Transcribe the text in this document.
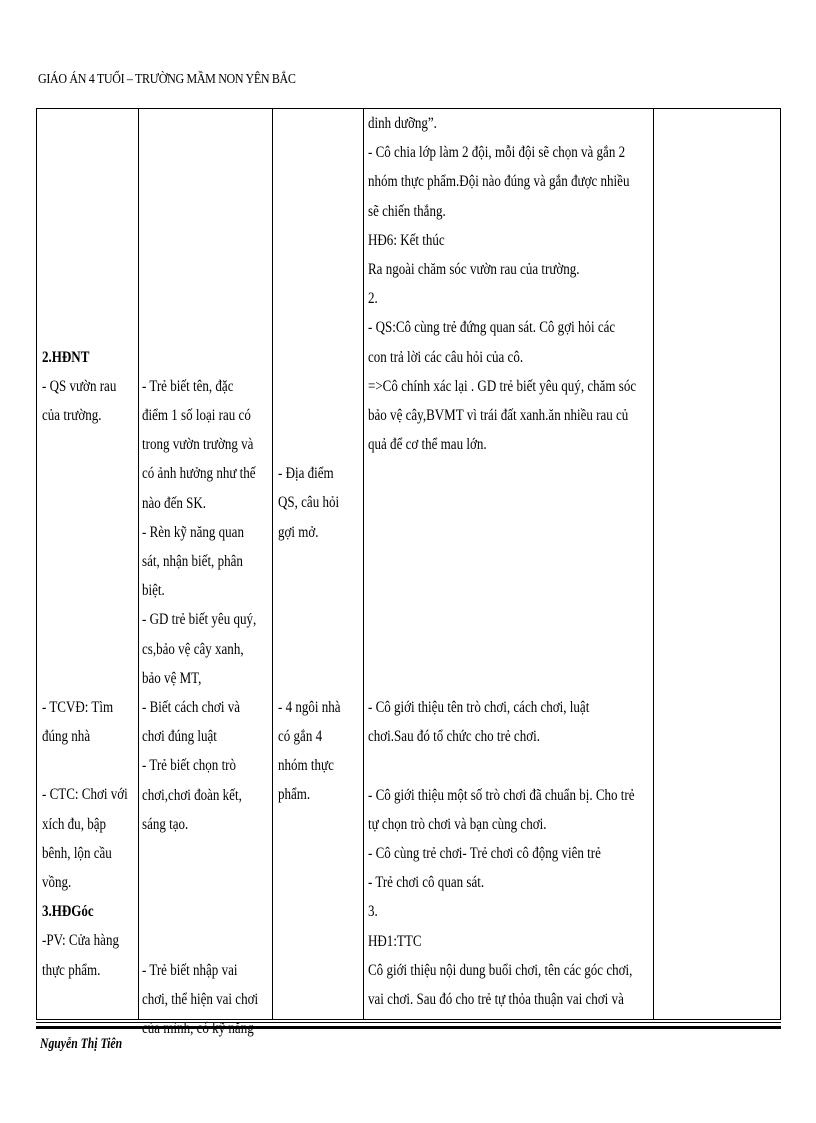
GIÁO ÁN 4 TUỔI – TRƯỜNG MẦM NON YÊN BẮC

2.HĐNT

- QS vườn rau

của trường.

- TCVĐ: Tìm

đúng nhà

- CTC: Chơi với

xích đu, bập

bênh, lộn cầu

vồng.

3.HĐGóc

-PV: Cửa hàng

thực phẩm.

- Trẻ biết tên, đặc

điểm 1 số loại rau có

trong vườn trường và

có ảnh hưởng như thế

nào đến SK.

- Rèn kỹ năng quan

sát, nhận biết, phân

biệt.

- GD trẻ biết yêu quý,

cs,bảo vệ cây xanh,

bảo vệ MT,

- Biết cách chơi và

chơi đúng luật

- Trẻ biết chọn trò

chơi,chơi đoàn kết,

sáng tạo.

- Trẻ biết nhập vai

chơi, thể hiện vai chơi

của mình, có kỹ năng

- Địa điểm

QS, câu hỏi

gợi mở.

- 4 ngôi nhà

có gắn 4

nhóm thực

phẩm.

dinh dưỡng”.

- Cô chia lớp làm 2 đội, mỗi đội sẽ chọn và gắn 2

nhóm thực phẩm.Đội nào đúng và gắn được nhiều

sẽ chiến thắng.

HĐ6: Kết thúc

Ra ngoài chăm sóc vườn rau của trường.

2.

- QS:Cô cùng trẻ đứng quan sát. Cô gợi hỏi các

con trả lời các câu hỏi của cô.

=>Cô chính xác lại . GD trẻ biết yêu quý, chăm sóc

bảo vệ cây,BVMT vì trái đất xanh.ăn nhiều rau củ

quả để cơ thể mau lớn.

- Cô giới thiệu tên trò chơi, cách chơi, luật

chơi.Sau đó tổ chức cho trẻ chơi.

- Cô giới thiệu một số trò chơi đã chuẩn bị. Cho trẻ

tự chọn trò chơi và bạn cùng chơi.

- Cô cùng trẻ chơi- Trẻ chơi cô động viên trẻ

- Trẻ chơi cô quan sát.

3.

HĐ1:TTC

Cô giới thiệu nội dung buổi chơi, tên các góc chơi,

vai chơi. Sau đó cho trẻ tự thỏa thuận vai chơi và

Nguyễn Thị Tiên
